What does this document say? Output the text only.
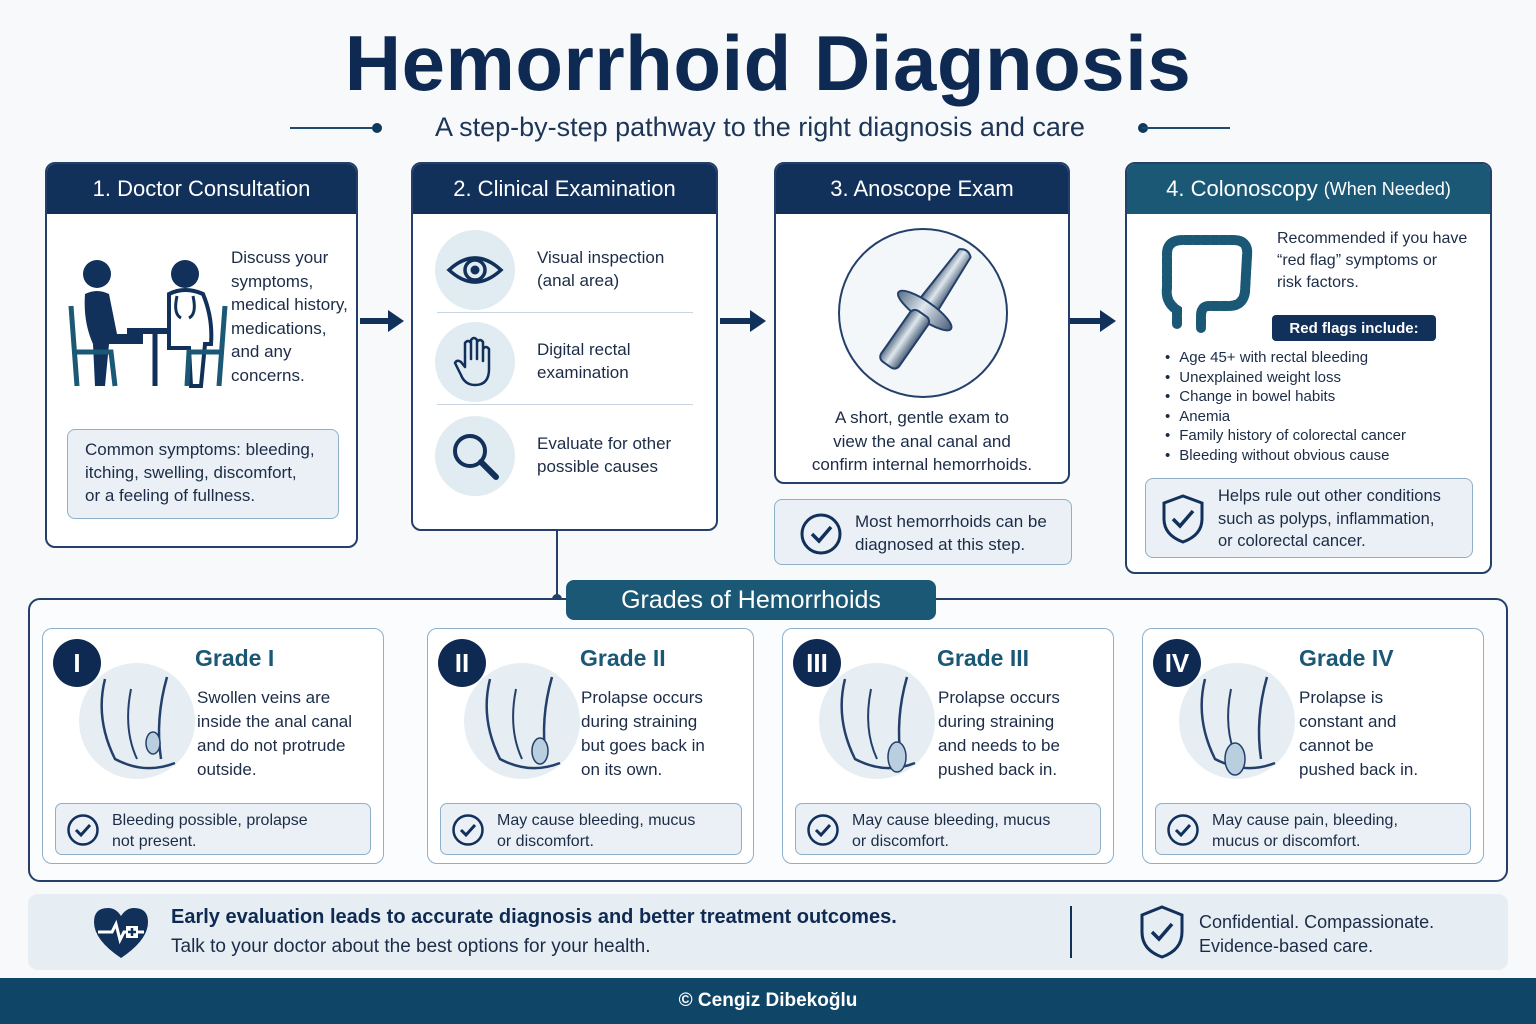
Hemorrhoid Diagnosis
A step-by-step pathway to the right diagnosis and care
1. Doctor Consultation
Discuss your
symptoms,
medical history,
medications,
and any
concerns.
Common symptoms: bleeding,
itching, swelling, discomfort,
or a feeling of fullness.
2. Clinical Examination
Visual inspection
(anal area)
Digital rectal
examination
Evaluate for other
possible causes
3. Anoscope Exam
A short, gentle exam to
view the anal canal and
confirm internal hemorrhoids.
Most hemorrhoids can be
diagnosed at this step.
4. Colonoscopy (When Needed)
Recommended if you have
“red flag” symptoms or
risk factors.
Red flags include:
• Age 45+ with rectal bleeding
• Unexplained weight loss
• Change in bowel habits
• Anemia
• Family history of colorectal cancer
• Bleeding without obvious cause
Helps rule out other conditions
such as polyps, inflammation,
or colorectal cancer.
Grades of Hemorrhoids
I	Grade I
Swollen veins are
inside the anal canal
and do not protrude
outside.
Bleeding possible, prolapse
not present.
II	Grade II
Prolapse occurs
during straining
but goes back in
on its own.
May cause bleeding, mucus
or discomfort.
III	Grade III
Prolapse occurs
during straining
and needs to be
pushed back in.
May cause bleeding, mucus
or discomfort.
IV	Grade IV
Prolapse is
constant and
cannot be
pushed back in.
May cause pain, bleeding,
mucus or discomfort.
Early evaluation leads to accurate diagnosis and better treatment outcomes.
Talk to your doctor about the best options for your health.
Confidential. Compassionate.
Evidence-based care.
© Cengiz Dibekoğlu
